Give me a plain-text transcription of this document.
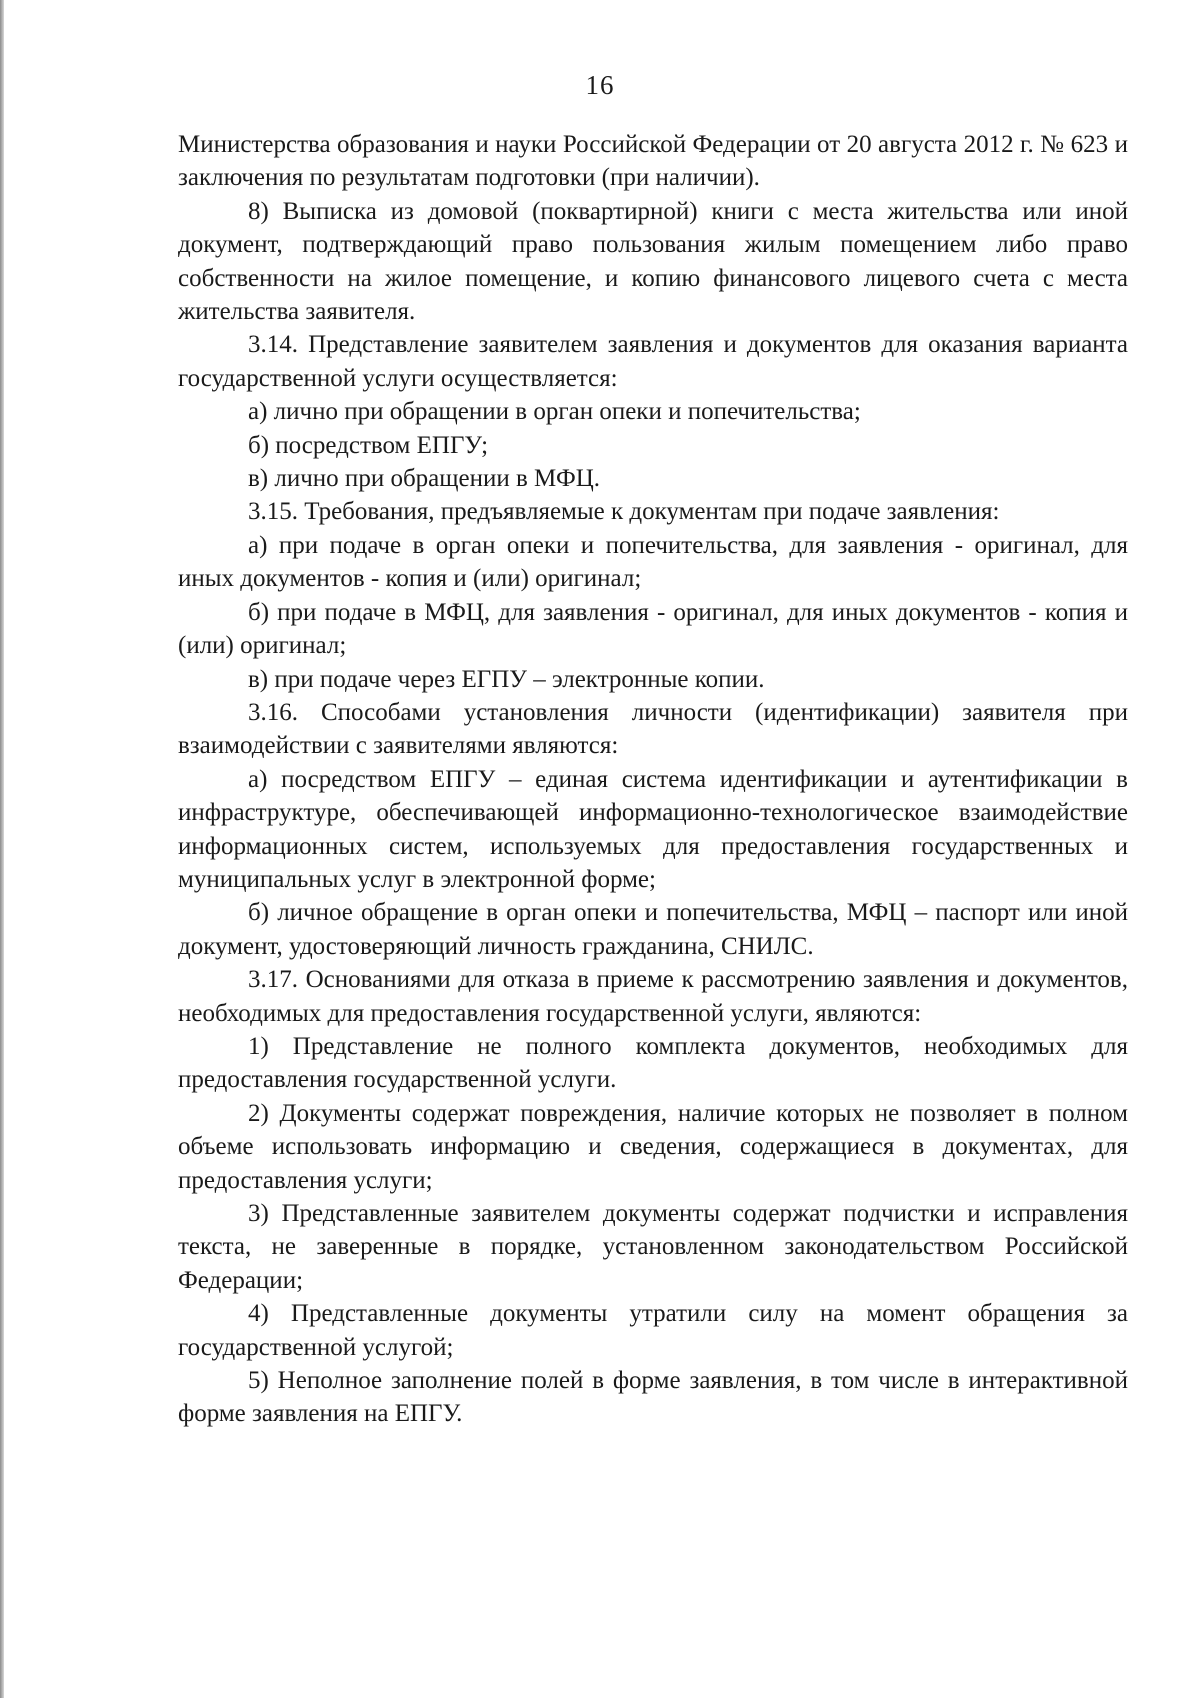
16

Министерства образования и науки Российской Федерации от 20 августа 2012 г. № 623 и заключения по результатам подготовки (при наличии).

8) Выписка из домовой (поквартирной) книги с места жительства или иной документ, подтверждающий право пользования жилым помещением либо право собственности на жилое помещение, и копию финансового лицевого счета с места жительства заявителя.

3.14. Представление заявителем заявления и документов для оказания варианта государственной услуги осуществляется:

а) лично при обращении в орган опеки и попечительства;

б) посредством ЕПГУ;

в) лично при обращении в МФЦ.

3.15. Требования, предъявляемые к документам при подаче заявления:

а) при подаче в орган опеки и попечительства, для заявления - оригинал, для иных документов - копия и (или) оригинал;

б) при подаче в МФЦ, для заявления - оригинал, для иных документов - копия и (или) оригинал;

в) при подаче через ЕГПУ – электронные копии.

3.16. Способами установления личности (идентификации) заявителя при взаимодействии с заявителями являются:

а) посредством ЕПГУ – единая система идентификации и аутентификации в инфраструктуре, обеспечивающей информационно-технологическое взаимодействие информационных систем, используемых для предоставления государственных и муниципальных услуг в электронной форме;

б) личное обращение в орган опеки и попечительства, МФЦ – паспорт или иной документ, удостоверяющий личность гражданина, СНИЛС.

3.17. Основаниями для отказа в приеме к рассмотрению заявления и документов, необходимых для предоставления государственной услуги, являются:

1) Представление не полного комплекта документов, необходимых для предоставления государственной услуги.

2) Документы содержат повреждения, наличие которых не позволяет в полном объеме использовать информацию и сведения, содержащиеся в документах, для предоставления услуги;

3) Представленные заявителем документы содержат подчистки и исправления текста, не заверенные в порядке, установленном законодательством Российской Федерации;

4) Представленные документы утратили силу на момент обращения за государственной услугой;

5) Неполное заполнение полей в форме заявления, в том числе в интерактивной форме заявления на ЕПГУ.
